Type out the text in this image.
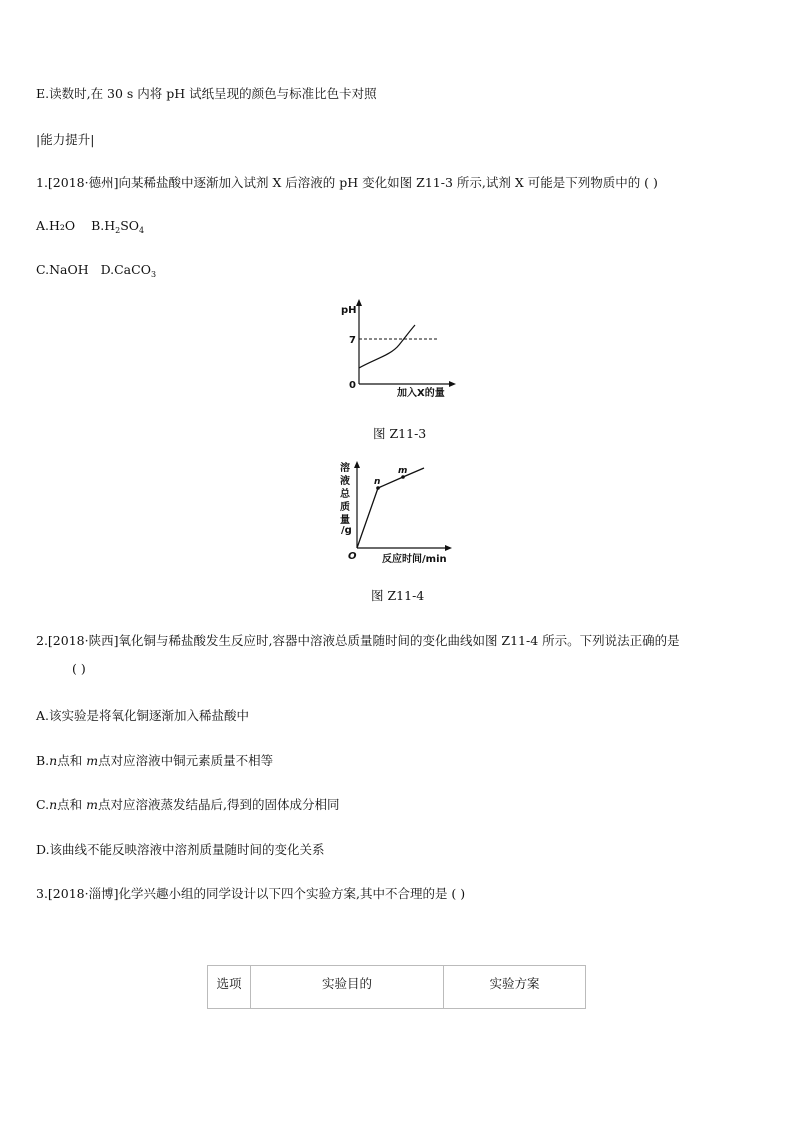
E.读数时,在 30 s 内将 pH 试纸呈现的颜色与标准比色卡对照
|能力提升|
1.[2018·德州]向某稀盐酸中逐渐加入试剂 X 后溶液的 pH 变化如图 Z11-3 所示,试剂 X 可能是下列物质中的 ( )
A.H₂O $B.H_2SO_4$
C.NaOH D.CaCO$_3$
pH
7
0
加入X的量
图 Z11-3
溶
液
总
质
量
/g
O
n
m
反应时间/min
图 Z11-4
2.[2018·陕西]氧化铜与稀盐酸发生反应时,容器中溶液总质量随时间的变化曲线如图 Z11-4 所示。下列说法正确的是
( )
A.该实验是将氧化铜逐渐加入稀盐酸中
B.n点和 m点对应溶液中铜元素质量不相等
C.n点和 m点对应溶液蒸发结晶后,得到的固体成分相同
D.该曲线不能反映溶液中溶剂质量随时间的变化关系
3.[2018·淄博]化学兴趣小组的同学设计以下四个实验方案,其中不合理的是 ( )
选项	实验目的	实验方案
